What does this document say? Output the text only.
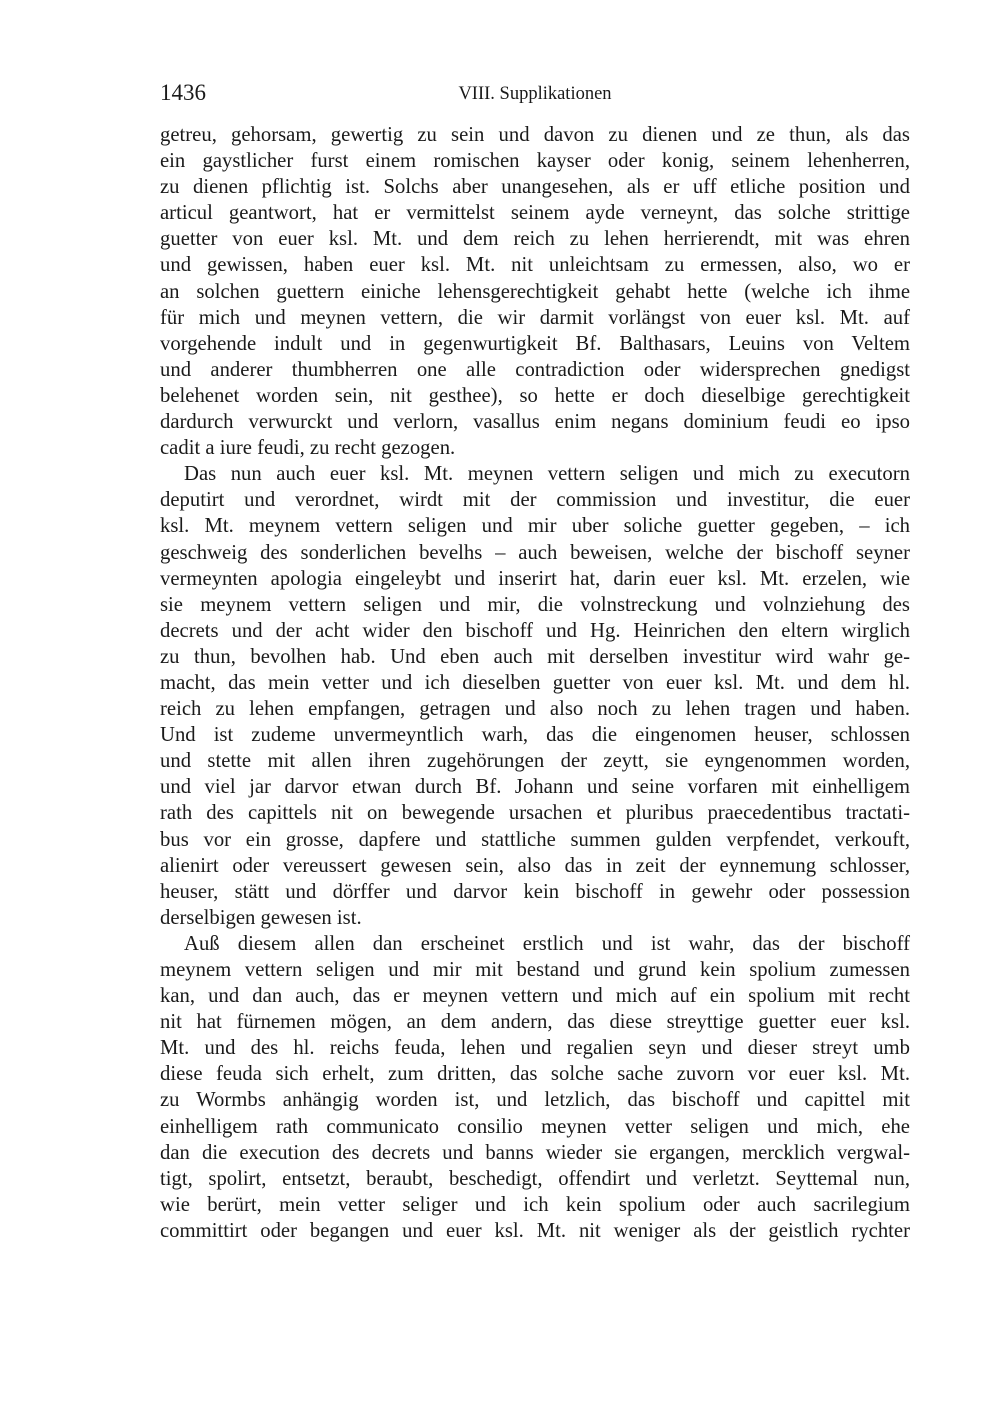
1436	VIII. Supplikationen
getreu, gehorsam, gewertig zu sein und davon zu dienen und ze thun, als das
ein gaystlicher furst einem romischen kayser oder konig, seinem lehenherren,
zu dienen pflichtig ist. Solchs aber unangesehen, als er uff etliche position und
articul geantwort, hat er vermittelst seinem ayde verneynt, das solche strittige
guetter von euer ksl. Mt. und dem reich zu lehen herrierendt, mit was ehren
und gewissen, haben euer ksl. Mt. nit unleichtsam zu ermessen, also, wo er
an solchen guettern einiche lehensgerechtigkeit gehabt hette (welche ich ihme
für mich und meynen vettern, die wir darmit vorlängst von euer ksl. Mt. auf
vorgehende indult und in gegenwurtigkeit Bf. Balthasars, Leuins von Veltem
und anderer thumbherren one alle contradiction oder widersprechen gnedigst
belehenet worden sein, nit gesthee), so hette er doch dieselbige gerechtigkeit
dardurch verwurckt und verlorn, vasallus enim negans dominium feudi eo ipso
cadit a iure feudi, zu recht gezogen.
Das nun auch euer ksl. Mt. meynen vettern seligen und mich zu executorn
deputirt und verordnet, wirdt mit der commission und investitur, die euer
ksl. Mt. meynem vettern seligen und mir uber soliche guetter gegeben, – ich
geschweig des sonderlichen bevelhs – auch beweisen, welche der bischoff seyner
vermeynten apologia eingeleybt und inserirt hat, darin euer ksl. Mt. erzelen, wie
sie meynem vettern seligen und mir, die volnstreckung und volnziehung des
decrets und der acht wider den bischoff und Hg. Heinrichen den eltern wirglich
zu thun, bevolhen hab. Und eben auch mit derselben investitur wird wahr ge-
macht, das mein vetter und ich dieselben guetter von euer ksl. Mt. und dem hl.
reich zu lehen empfangen, getragen und also noch zu lehen tragen und haben.
Und ist zudeme unvermeyntlich warh, das die eingenomen heuser, schlossen
und stette mit allen ihren zugehörungen der zeytt, sie eyngenommen worden,
und viel jar darvor etwan durch Bf. Johann und seine vorfaren mit einhelligem
rath des capittels nit on bewegende ursachen et pluribus praecedentibus tractati-
bus vor ein grosse, dapfere und stattliche summen gulden verpfendet, verkouft,
alienirt oder vereussert gewesen sein, also das in zeit der eynnemung schlosser,
heuser, stätt und dörffer und darvor kein bischoff in gewehr oder possession
derselbigen gewesen ist.
Auß diesem allen dan erscheinet erstlich und ist wahr, das der bischoff
meynem vettern seligen und mir mit bestand und grund kein spolium zumessen
kan, und dan auch, das er meynen vettern und mich auf ein spolium mit recht
nit hat fürnemen mögen, an dem andern, das diese streyttige guetter euer ksl.
Mt. und des hl. reichs feuda, lehen und regalien seyn und dieser streyt umb
diese feuda sich erhelt, zum dritten, das solche sache zuvorn vor euer ksl. Mt.
zu Wormbs anhängig worden ist, und letzlich, das bischoff und capittel mit
einhelligem rath communicato consilio meynen vetter seligen und mich, ehe
dan die execution des decrets und banns wieder sie ergangen, mercklich vergwal-
tigt, spolirt, entsetzt, beraubt, beschedigt, offendirt und verletzt. Seyttemal nun,
wie berürt, mein vetter seliger und ich kein spolium oder auch sacrilegium
committirt oder begangen und euer ksl. Mt. nit weniger als der geistlich rychter
